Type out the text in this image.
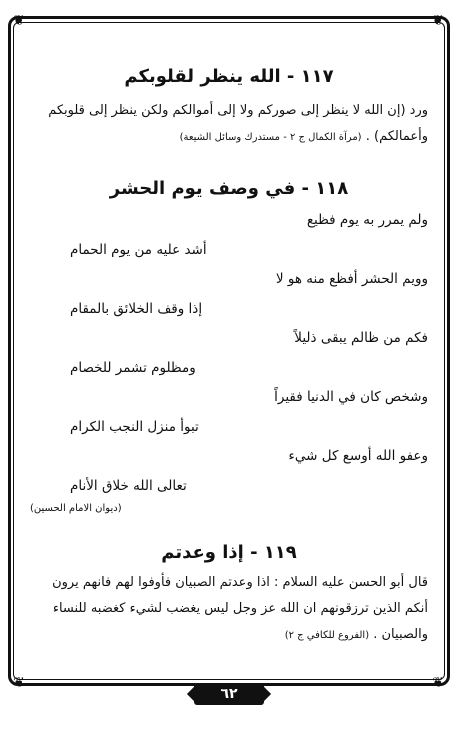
❦	❦
❦	❦
١١٧ - الله ينظر لقلوبكم

ورد (إن الله لا ينظر إلى صوركم ولا إلى أموالكم ولكن ينظر إلى قلوبكم وأعمالكم) . (مرآة الكمال ج ٢ - مستدرك وسائل الشيعة)

١١٨ - في وصف يوم الحشر

ولم يمرر به يوم فظيع

أشد عليه من يوم الحمام

وويم الحشر أفظع منه هو لا

إذا وقف الخلائق بالمقام

فكم من ظالم يبقى ذليلاً

ومظلوم تشمر للخصام

وشخص كان في الدنيا فقيراً

تبوأ منزل النجب الكرام

وعفو الله أوسع كل شيء

تعالى الله خلاق الأنام

(ديوان الامام الحسين)

١١٩ - إذا وعدتم

قال أبو الحسن عليه السلام : اذا وعدتم الصبيان فأوفوا لهم فانهم يرون أنكم الذين ترزقونهم ان الله عز وجل ليس يغضب لشيء كغضبه للنساء والصبيان . (الفروع للكافي ج ٢)

٦٢
